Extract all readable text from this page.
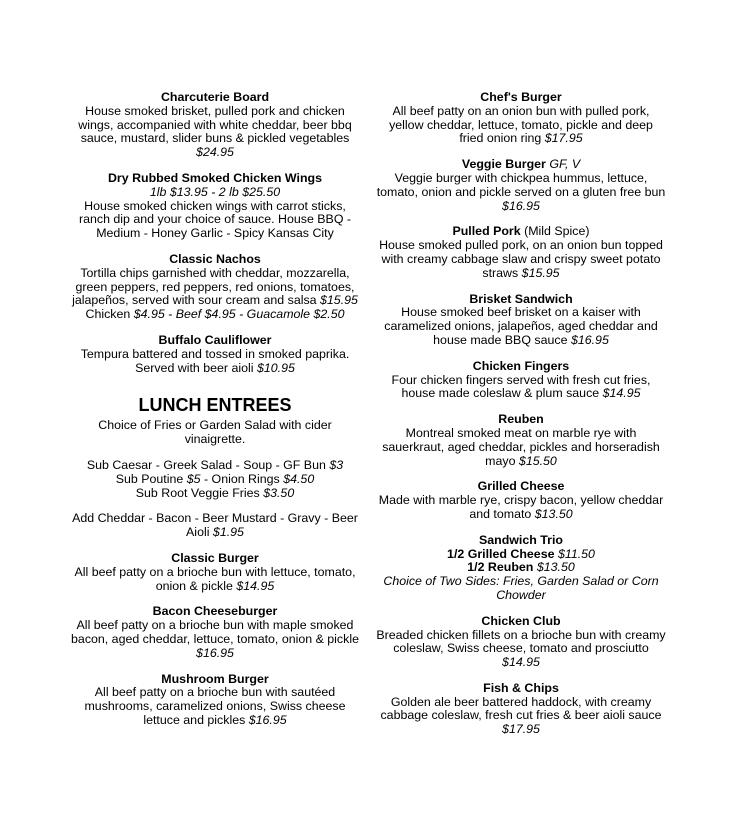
Charcuterie Board

House smoked brisket, pulled pork and chicken wings, accompanied with white cheddar, beer bbq sauce, mustard, slider buns & pickled vegetables $24.95

Dry Rubbed Smoked Chicken Wings

1lb $13.95 - 2 lb $25.50

House smoked chicken wings with carrot sticks, ranch dip and your choice of sauce. House BBQ - Medium - Honey Garlic - Spicy Kansas City

Classic Nachos

Tortilla chips garnished with cheddar, mozzarella, green peppers, red peppers, red onions, tomatoes, jalapeños, served with sour cream and salsa $15.95

Chicken $4.95 - Beef $4.95 - Guacamole $2.50

Buffalo Cauliflower

Tempura battered and tossed in smoked paprika. Served with beer aioli $10.95

LUNCH ENTREES

Choice of Fries or Garden Salad with cider vinaigrette.

Sub Caesar - Greek Salad - Soup - GF Bun $3

Sub Poutine $5 - Onion Rings $4.50

Sub Root Veggie Fries $3.50

Add Cheddar - Bacon - Beer Mustard - Gravy - Beer Aioli $1.95

Classic Burger

All beef patty on a brioche bun with lettuce, tomato, onion & pickle $14.95

Bacon Cheeseburger

All beef patty on a brioche bun with maple smoked bacon, aged cheddar, lettuce, tomato, onion & pickle $16.95

Mushroom Burger

All beef patty on a brioche bun with sautéed mushrooms, caramelized onions, Swiss cheese lettuce and pickles $16.95

Chef's Burger

All beef patty on an onion bun with pulled pork, yellow cheddar, lettuce, tomato, pickle and deep fried onion ring $17.95

Veggie Burger GF, V

Veggie burger with chickpea hummus, lettuce, tomato, onion and pickle served on a gluten free bun $16.95

Pulled Pork (Mild Spice)

House smoked pulled pork, on an onion bun topped with creamy cabbage slaw and crispy sweet potato straws $15.95

Brisket Sandwich

House smoked beef brisket on a kaiser with caramelized onions, jalapeños, aged cheddar and house made BBQ sauce $16.95

Chicken Fingers

Four chicken fingers served with fresh cut fries, house made coleslaw & plum sauce $14.95

Reuben

Montreal smoked meat on marble rye with sauerkraut, aged cheddar, pickles and horseradish mayo $15.50

Grilled Cheese

Made with marble rye, crispy bacon, yellow cheddar and tomato $13.50

Sandwich Trio

1/2 Grilled Cheese $11.50

1/2 Reuben $13.50

Choice of Two Sides: Fries, Garden Salad or Corn Chowder

Chicken Club

Breaded chicken fillets on a brioche bun with creamy coleslaw, Swiss cheese, tomato and prosciutto $14.95

Fish & Chips

Golden ale beer battered haddock, with creamy cabbage coleslaw, fresh cut fries & beer aioli sauce $17.95
